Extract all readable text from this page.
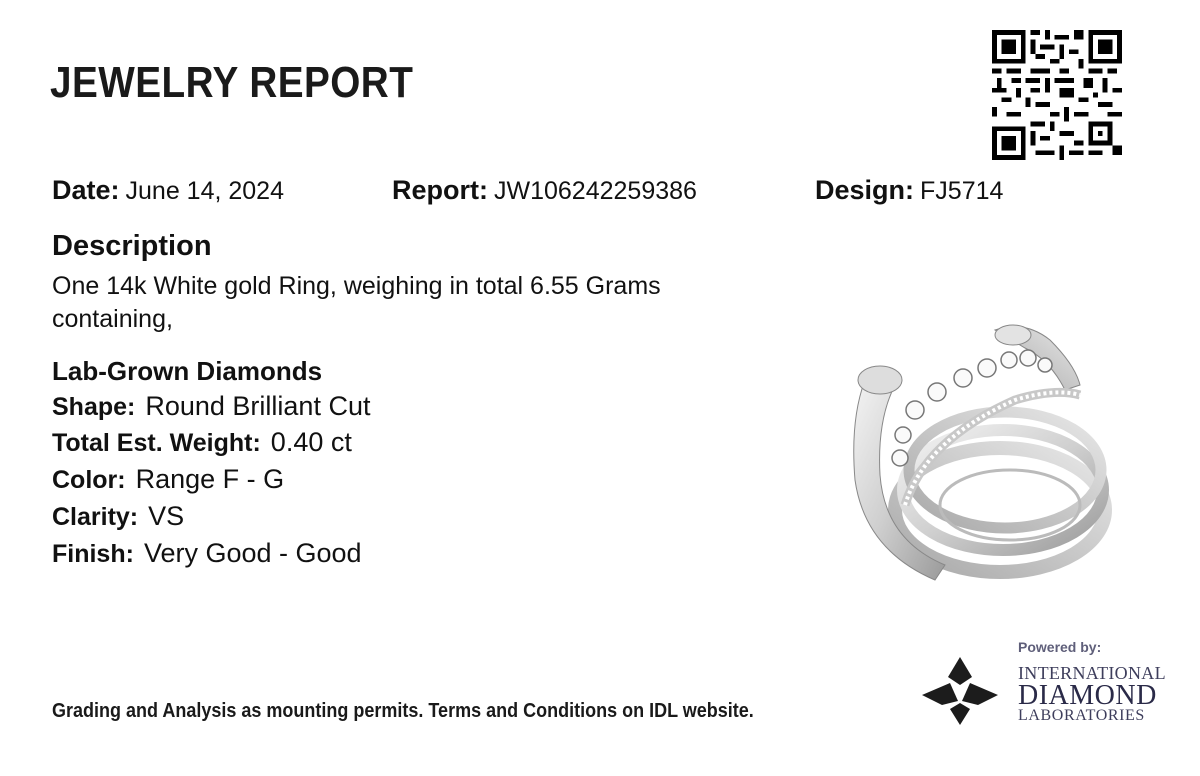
JEWELRY REPORT
Date: June 14, 2024	Report: JW106242259386	Design: FJ5714
Description
One 14k White gold Ring, weighing in total 6.55 Grams containing,
Lab-Grown Diamonds
Shape: Round Brilliant Cut
Total Est. Weight: 0.40 ct
Color: Range F - G
Clarity: VS
Finish: Very Good - Good
Grading and Analysis as mounting permits. Terms and Conditions on IDL website.
Powered by:
INTERNATIONAL
DIAMOND
LABORATORIES
